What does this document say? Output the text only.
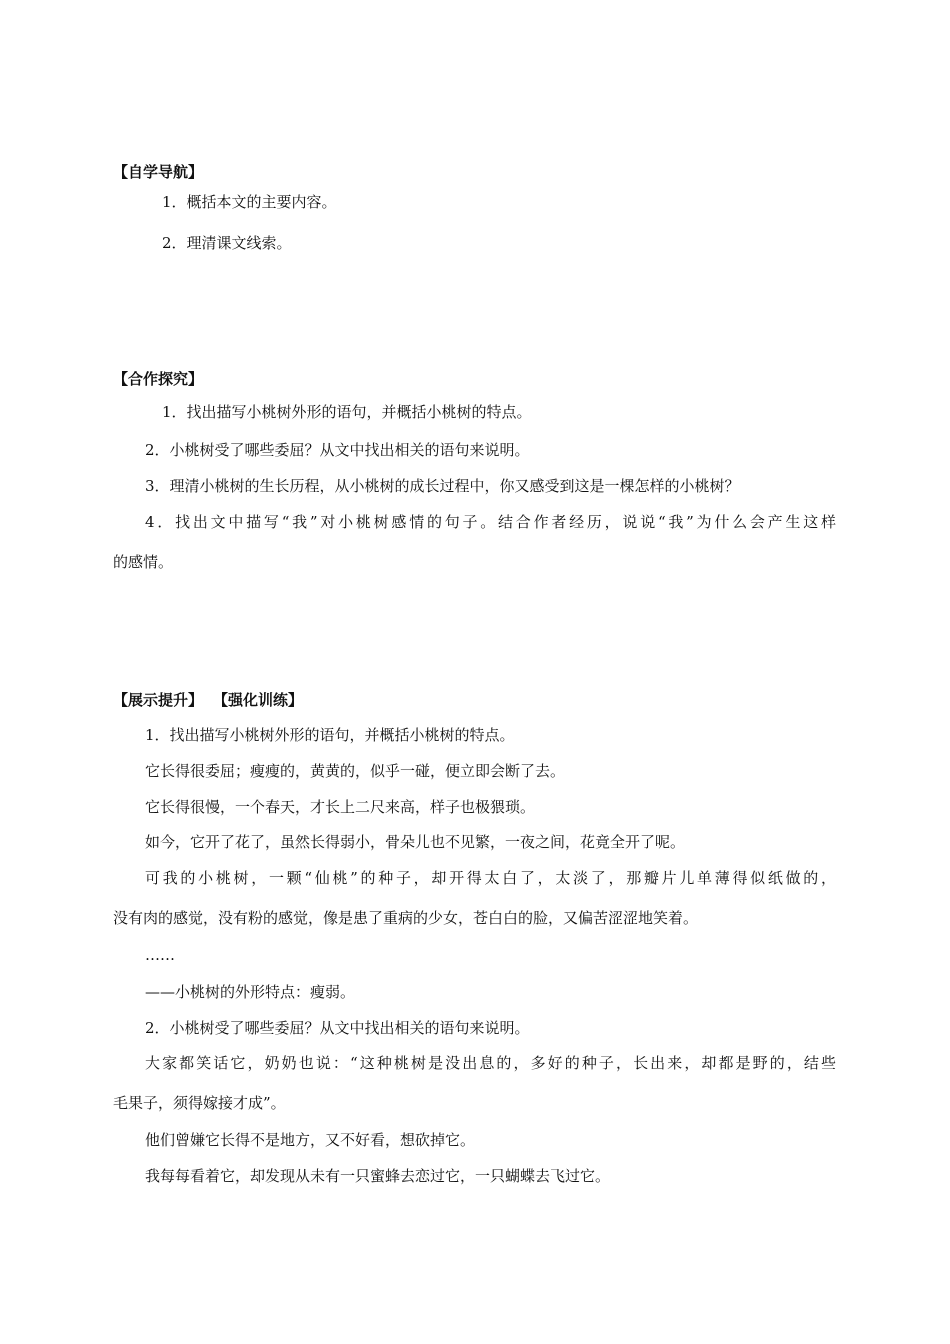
【自学导航】
1．概括本文的主要内容。
2．理清课文线索。
【合作探究】
1．找出描写小桃树外形的语句，并概括小桃树的特点。
2．小桃树受了哪些委屈？从文中找出相关的语句来说明。
3．理清小桃树的生长历程，从小桃树的成长过程中，你又感受到这是一棵怎样的小桃树？
4．找出文中描写“我”对小桃树感情的句子。结合作者经历，说说“我”为什么会产生这样
的感情。
【展示提升】 【强化训练】
1．找出描写小桃树外形的语句，并概括小桃树的特点。
它长得很委屈；瘦瘦的，黄黄的，似乎一碰，便立即会断了去。
它长得很慢，一个春天，才长上二尺来高，样子也极猥琐。
如今，它开了花了，虽然长得弱小，骨朵儿也不见繁，一夜之间，花竟全开了呢。
可我的小桃树，一颗“仙桃”的种子，却开得太白了，太淡了，那瓣片儿单薄得似纸做的，
没有肉的感觉，没有粉的感觉，像是患了重病的少女，苍白白的脸，又偏苦涩涩地笑着。
……
——小桃树的外形特点：瘦弱。
2．小桃树受了哪些委屈？从文中找出相关的语句来说明。
大家都笑话它，奶奶也说：“这种桃树是没出息的，多好的种子，长出来，却都是野的，结些
毛果子，须得嫁接才成”。
他们曾嫌它长得不是地方，又不好看，想砍掉它。
我每每看着它，却发现从未有一只蜜蜂去恋过它，一只蝴蝶去飞过它。
